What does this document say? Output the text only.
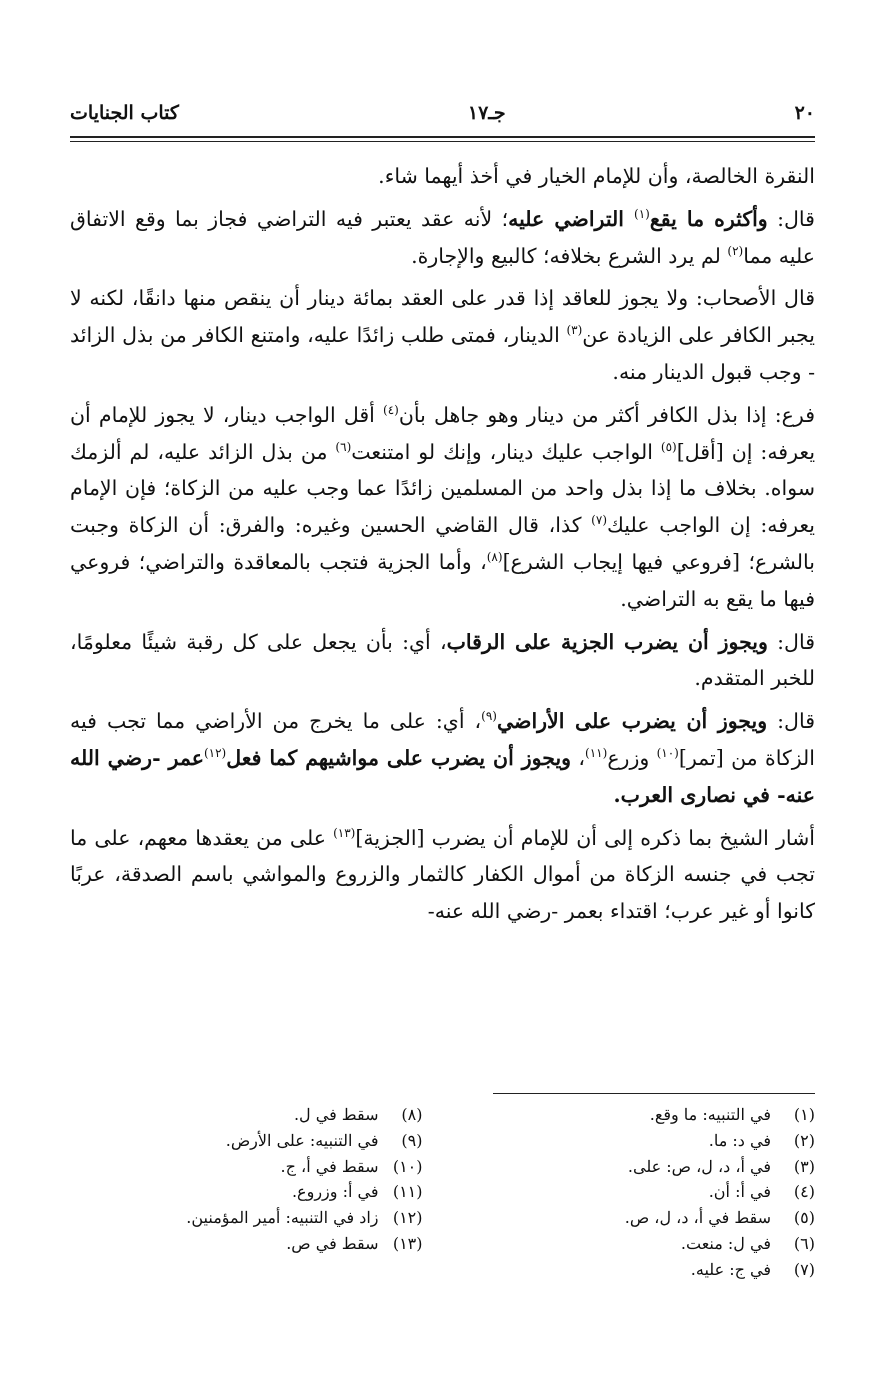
٢٠
جـ١٧
كتاب الجنايات

النقرة الخالصة، وأن للإمام الخيار في أخذ أيهما شاء.

قال: وأكثره ما يقع$^{(١)}$ التراضي عليه؛ لأنه عقد يعتبر فيه التراضي فجاز بما وقع الاتفاق عليه مما$^{(٢)}$ لم يرد الشرع بخلافه؛ كالبيع والإجارة.

قال الأصحاب: ولا يجوز للعاقد إذا قدر على العقد بمائة دينار أن ينقص منها دانقًا، لكنه لا يجبر الكافر على الزيادة عن$^{(٣)}$ الدينار، فمتى طلب زائدًا عليه، وامتنع الكافر من بذل الزائد - وجب قبول الدينار منه.

فرع: إذا بذل الكافر أكثر من دينار وهو جاهل بأن$^{(٤)}$ أقل الواجب دينار، لا يجوز للإمام أن يعرفه: إن [أقل]$^{(٥)}$ الواجب عليك دينار، وإنك لو امتنعت$^{(٦)}$ من بذل الزائد عليه، لم ألزمك سواه. بخلاف ما إذا بذل واحد من المسلمين زائدًا عما وجب عليه من الزكاة؛ فإن الإمام يعرفه: إن الواجب عليك$^{(٧)}$ كذا، قال القاضي الحسين وغيره: والفرق: أن الزكاة وجبت بالشرع؛ [فروعي فيها إيجاب الشرع]$^{(٨)}$، وأما الجزية فتجب بالمعاقدة والتراضي؛ فروعي فيها ما يقع به التراضي.

قال: ويجوز أن يضرب الجزية على الرقاب، أي: بأن يجعل على كل رقبة شيئًا معلومًا، للخبر المتقدم.

قال: ويجوز أن يضرب على الأراضي$^{(٩)}$، أي: على ما يخرج من الأراضي مما تجب فيه الزكاة من [تمر]$^{(١٠)}$ وزرع$^{(١١)}$، ويجوز أن يضرب على مواشيهم كما فعل$^{(١٢)}$عمر -رضي الله عنه- في نصارى العرب.

أشار الشيخ بما ذكره إلى أن للإمام أن يضرب [الجزية]$^{(١٣)}$ على من يعقدها معهم، على ما تجب في جنسه الزكاة من أموال الكفار كالثمار والزروع والمواشي باسم الصدقة، عربًا كانوا أو غير عرب؛ اقتداء بعمر -رضي الله عنه-

(١)
في التنبيه: ما وقع.
(٢)
في د: ما.
(٣)
في أ، د، ل، ص: على.
(٤)
في أ: أن.
(٥)
سقط في أ، د، ل، ص.
(٦)
في ل: منعت.
(٧)
في ج: عليه.
(٨)
سقط في ل.
(٩)
في التنبيه: على الأرض.
(١٠)
سقط في أ، ج.
(١١)
في أ: وزروع.
(١٢)
زاد في التنبيه: أمير المؤمنين.
(١٣)
سقط في ص.
